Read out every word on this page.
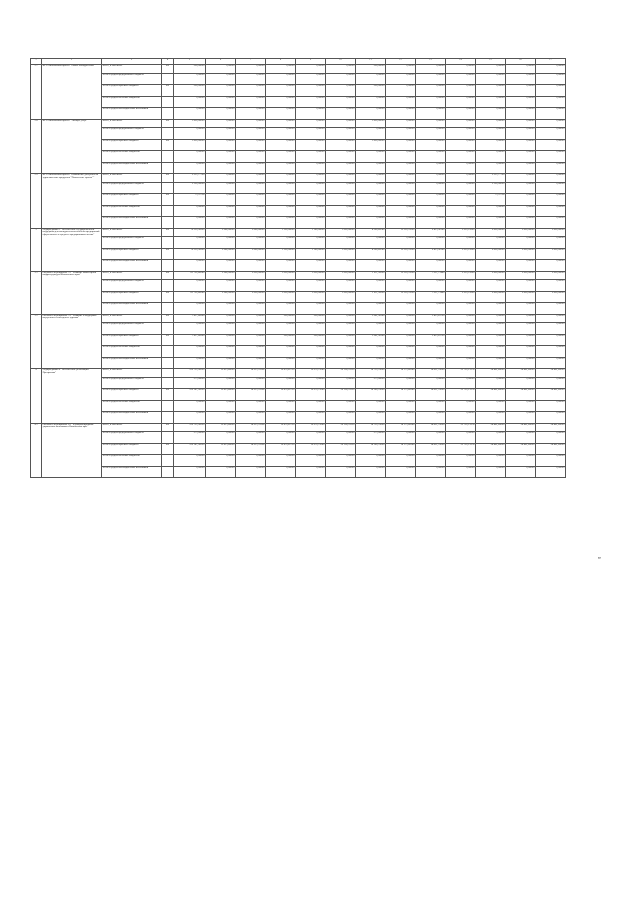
1	2	3	4	5	6	7	8	9	10	11	12	13	14	15	16	17
2.7	Ш. Региональный проект "Умные конкурентные"	Всего, в том числе	КБ	500,00000	0,00000	0,00000	0,00000	0,00000	0,00000	500,00000	0,00000	0,00000	0,00000	0,00000	0,00000	0,00000
		за счет средств федерального бюджета		0,00000	0,00000	0,00000	0,00000	0,00000	0,00000	0,00000	0,00000	0,00000	0,00000	0,00000	0,00000	0,00000
		за счет средств краевого бюджета	КБ	500,00000	0,00000	0,00000	0,00000	0,00000	0,00000	500,00000	0,00000	0,00000	0,00000	0,00000	0,00000	0,00000
		за счет средств местных бюджетов		0,00000	0,00000	0,00000	0,00000	0,00000	0,00000	0,00000	0,00000	0,00000	0,00000	0,00000	0,00000	0,00000
		за счет средств внебюджетных источников		0,00000	0,00000	0,00000	0,00000	0,00000	0,00000	0,00000	0,00000	0,00000	0,00000	0,00000	0,00000	0,00000
2.8	Ш. Региональный проект "Экспорт услуг"	Всего, в том числе	КБ	1 600,00000	0,00000	0,00000	0,00000	0,00000	0,00000	1 600,00000	0,00000	0,00000	0,00000	0,00000	0,00000	0,00000
		за счет средств федерального бюджета		0,00000	0,00000	0,00000	0,00000	0,00000	0,00000	0,00000	0,00000	0,00000	0,00000	0,00000	0,00000	0,00000
		за счет средств краевого бюджета	КБ	1 600,00000	0,00000	0,00000	0,00000	0,00000	0,00000	1 600,00000	0,00000	0,00000	0,00000	0,00000	0,00000	0,00000
		за счет средств местных бюджетов		0,00000	0,00000	0,00000	0,00000	0,00000	0,00000	0,00000	0,00000	0,00000	0,00000	0,00000	0,00000	0,00000
		за счет средств внебюджетных источников		0,00000	0,00000	0,00000	0,00000	0,00000	0,00000	0,00000	0,00000	0,00000	0,00000	0,00000	0,00000	0,00000
2.9	Ш. Региональный проект "Повышение доступности туристических продуктов "Пятилетние трассы""	Всего, в том числе	КБ	2 512,77700	0,00000	0,00000	0,00000	0,00000	0,00000	0,00000	0,00000	0,00000	0,00000	2 512,77700	0,00000	0,00000
		за счет средств федерального бюджета		2 300,00000	0,00000	0,00000	0,00000	0,00000	0,00000	0,00000	0,00000	0,00000	0,00000	2 300,00000	0,00000	0,00000
		за счет средств краевого бюджета	КБ	75,51758	0,00000	0,00000	0,00000	0,00000	0,00000	0,00000	0,00000	0,00000	0,00000	75,51758	0,00000	0,00000
		за счет средств местных бюджетов		0,00000	0,00000	0,00000	0,00000	0,00000	0,00000	0,00000	0,00000	0,00000	0,00000	0,00000	0,00000	0,00000
		за счет средств внебюджетных источников		0,00000	0,00000	0,00000	0,00000	0,00000	0,00000	0,00000	0,00000	0,00000	0,00000	0,00000	0,00000	0,00000
3	Подпрограмма 3 "Обеспечение государственной поддержки для конкурентоспособности предприятий сферы малого и среднего предпринимательства"	Всего, в том числе	КБ	70 520,36900	2 986,00000	3 060,00000	1 200,00000	1 180,00000	1 000,00000	4 360,64740	15 399,78500	9 413,36160	2 993,23900	9 600,00000	5 600,00000	5 600,00000
		за счет средств федерального бюджета		0,00000	0,00000	0,00000	0,00000	0,00000	0,00000	0,00000	0,00000	0,00000	0,00000	0,00000	0,00000	0,00000
		за счет средств краевого бюджета	КБ	70 520,36900	2 986,00000	3 060,00000	1 200,00000	1 180,00000	1 000,00000	4 360,64740	15 399,78500	9 413,36160	2 993,23900	9 600,00000	5 600,00000	5 600,00000
		за счет средств внебюджетных источников		0,00000	0,00000	0,00000	0,00000	0,00000	0,00000	0,00000	0,00000	0,00000	0,00000	0,00000	0,00000	0,00000
3.1	Основное мероприятие 3.1 "Развитие инженерной инфраструктуры Камчатского края"	Всего, в том числе	КБ	61 702,48540	2 986,00000	3 000,00000	1 000,00000	1 000,00000	1 000,00000	1 911,58500	15 399,78500	7 997,71460	2 993,23900	5 600,00000	5 600,00000	5 600,00000
		за счет средств федерального бюджета		0,00000	0,00000	0,00000	0,00000	0,00000	0,00000	0,00000	0,00000	0,00000	0,00000	0,00000	0,00000	0,00000
		за счет средств краевого бюджета	КБ	61 702,48540	2 986,00000	3 000,00000	1 000,00000	1 000,00000	1 000,00000	1 911,58500	15 399,78500	7 997,71460	2 993,23900	5 600,00000	5 600,00000	5 600,00000
		за счет средств внебюджетных источников		0,00000	0,00000	0,00000	0,00000	0,00000	0,00000	0,00000	0,00000	0,00000	0,00000	0,00000	0,00000	0,00000
3.2	Основное мероприятие 3.2 "Развитие и поддержка внутреннего и въездного туризма"	Всего, в том числе	КБ	7 817,88360	0,00000	0,00000	200,00000	200,00000	0,00000	1 981,56240	0,00000	1 415,63700	0,00000	0,00000	0,00000	0,00000
		за счет средств федерального бюджета		0,00000	0,00000	0,00000	0,00000	0,00000	0,00000	0,00000	0,00000	0,00000	0,00000	0,00000	0,00000	0,00000
		за счет средств краевого бюджета	КБ	7 817,88360	0,00000	0,00000	200,00000	200,00000	0,00000	1 981,56240	0,00000	1 415,63700	0,00000	0,00000	0,00000	0,00000
		за счет средств местных бюджетов		0,00000	0,00000	0,00000	0,00000	0,00000	0,00000	0,00000	0,00000	0,00000	0,00000	0,00000	0,00000	0,00000
		за счет средств внебюджетных источников		0,00000	0,00000	0,00000	0,00000	0,00000	0,00000	0,00000	0,00000	0,00000	0,00000	0,00000	0,00000	0,00000
4	Подпрограмма 4 "Обеспечение реализации Программы"	Всего, в том числе		259 722,98290	15 813,60000	18 915,33396	19 870,41730	19 970,72080	20 198,53330	16 755,70000	18 175,80240	18 621,70000	22 795,13374	24 461,49000	24 461,49000	24 461,49000
		за счет средств федерального бюджета		575,00000	0,00000	0,00000	0,00000	0,00000	0,00000	575,00000	0,00000	0,00000	0,00000	0,00000	0,00000	0,00000
		за счет средств краевого бюджета	КБ	259 147,98290	15 813,60000	18 915,33396	19 870,41730	19 970,72080	20 198,53330	16 180,70000	18 175,80240	18 621,70000	22 795,13374	24 461,49000	24 461,49000	24 461,49000
		за счет средств местных бюджетов		0,00000	0,00000	0,00000	0,00000	0,00000	0,00000	0,00000	0,00000	0,00000	0,00000	0,00000	0,00000	0,00000
		за счет средств внебюджетных источников		0,00000	0,00000	0,00000	0,00000	0,00000	0,00000	0,00000	0,00000	0,00000	0,00000	0,00000	0,00000	0,00000
4.1	Основное мероприятие 4.1 "Функционирование управления экономики в Камчатском крае"	Всего, в том числе	КБ	259 722,98290	15 813,60000	18 915,33396	19 870,41730	19 970,72080	20 198,53330	16 755,70000	18 175,80240	18 621,70000	22 795,13374	24 461,49000	24 461,49000	24 461,49000
		за счет средств федерального бюджета		575,00000	0,00000	0,00000	0,00000	0,00000	0,00000	575,00000	0,00000	0,00000	0,00000	0,00000	0,00000	0,00000
		за счет средств краевого бюджета	КБ	259 147,98290	15 813,60000	18 915,33396	19 870,41730	19 970,72080	20 198,53330	16 180,70000	18 175,80240	18 621,70000	22 795,13374	24 461,49000	24 461,49000	24 461,49000
		за счет средств местных бюджетов		0,00000	0,00000	0,00000	0,00000	0,00000	0,00000	0,00000	0,00000	0,00000	0,00000	0,00000	0,00000	0,00000
		за счет средств внебюджетных источников		0,00000	0,00000	0,00000	0,00000	0,00000	0,00000	0,00000	0,00000	0,00000	0,00000	0,00000	0,00000	0,00000
87
